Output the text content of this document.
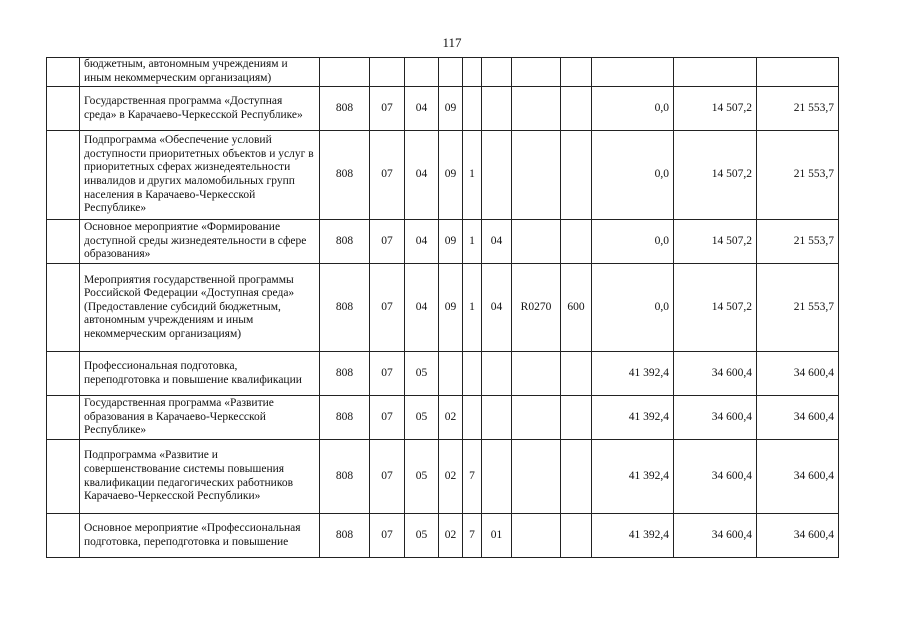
117
	бюджетным, автономным учреждениям и иным некоммерческим организациям)											
	Государственная программа «Доступная среда» в Карачаево-Черкесской Республике»	808	07	04	09					0,0	14 507,2	21 553,7
	Подпрограмма «Обеспечение условий доступности приоритетных объектов и услуг в приоритетных сферах жизнедеятельности инвалидов и других маломобильных групп населения в Карачаево-Черкесской Республике»	808	07	04	09	1				0,0	14 507,2	21 553,7
	Основное мероприятие «Формирование доступной среды жизнедеятельности в сфере образования»	808	07	04	09	1	04			0,0	14 507,2	21 553,7
	Мероприятия государственной программы Российской Федерации «Доступная среда» (Предоставление субсидий бюджетным, автономным учреждениям и иным некоммерческим организациям)	808	07	04	09	1	04	R0270	600	0,0	14 507,2	21 553,7
	Профессиональная подготовка, переподготовка и повышение квалификации	808	07	05						41 392,4	34 600,4	34 600,4
	Государственная программа «Развитие образования в Карачаево-Черкесской Республике»	808	07	05	02					41 392,4	34 600,4	34 600,4
	Подпрограмма «Развитие и совершенствование системы повышения квалификации педагогических работников Карачаево-Черкесской Республики»	808	07	05	02	7				41 392,4	34 600,4	34 600,4
	Основное мероприятие «Профессиональная подготовка, переподготовка и повышение	808	07	05	02	7	01			41 392,4	34 600,4	34 600,4
